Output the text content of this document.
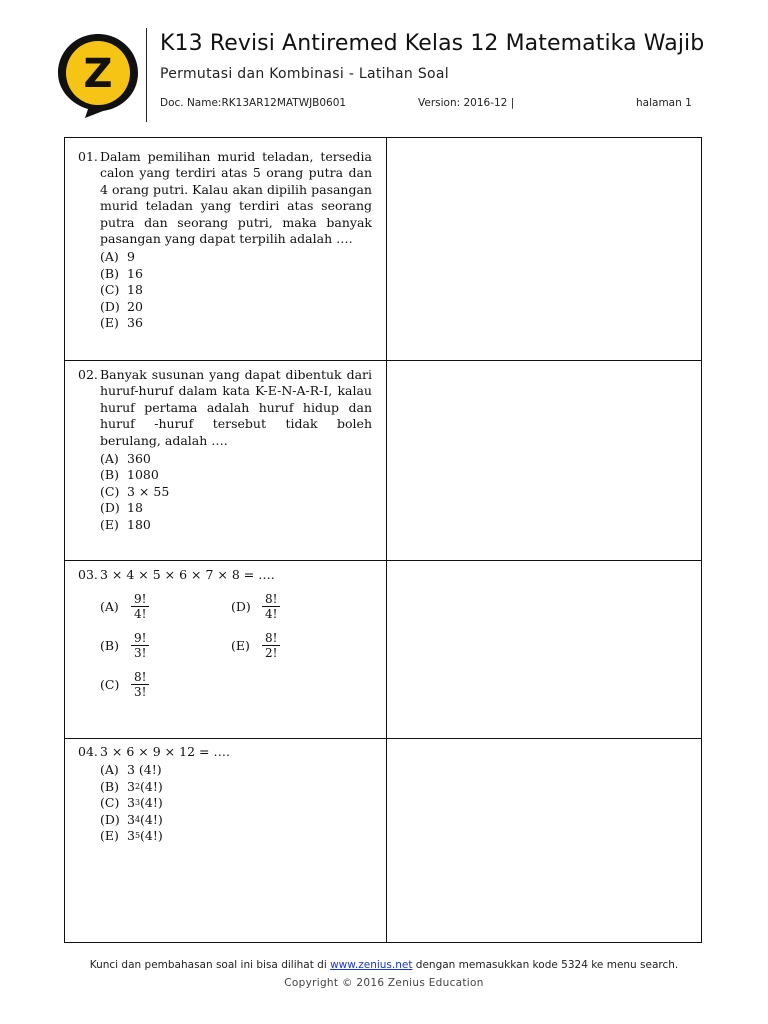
Z
K13 Revisi Antiremed Kelas 12 Matematika Wajib
Permutasi dan Kombinasi - Latihan Soal
Doc. Name:RK13AR12MATWJB0601	Version: 2016-12 |	halaman 1
01. Dalam pemilihan murid teladan, tersedia calon yang terdiri atas 5 orang putra dan 4 orang putri. Kalau akan dipilih pasangan murid teladan yang terdiri atas seorang putra dan seorang putri, maka banyak pasangan yang dapat terpilih adalah ….
(A) 9
(B) 16
(C) 18
(D) 20
(E) 36
02. Banyak susunan yang dapat dibentuk dari huruf-huruf dalam kata K-E-N-A-R-I, kalau huruf pertama adalah huruf hidup dan huruf -huruf tersebut tidak boleh berulang, adalah ….
(A) 360
(B) 1080
(C) 3 × 55
(D) 18
(E) 180
03. 3 × 4 × 5 × 6 × 7 × 8 = ….
(A)	$\frac{9!}{4!}$
(B)	$\frac{9!}{3!}$
$(C) \frac{8!}{3!}$
$(D) \frac{8!}{4!}$
(E)	$\frac{8!}{2!}$
04. 3 × 6 × 9 × 12 = ….
(A) 3 (4!)
(B) 3 2 (4!)
(C) 3 3 (4!)
(D) 3 4 (4!)
(E) 3 5 (4!)
Kunci dan pembahasan soal ini bisa dilihat di www.zenius.net dengan memasukkan kode 5324 ke menu search.
Copyright © 2016 Zenius Education
